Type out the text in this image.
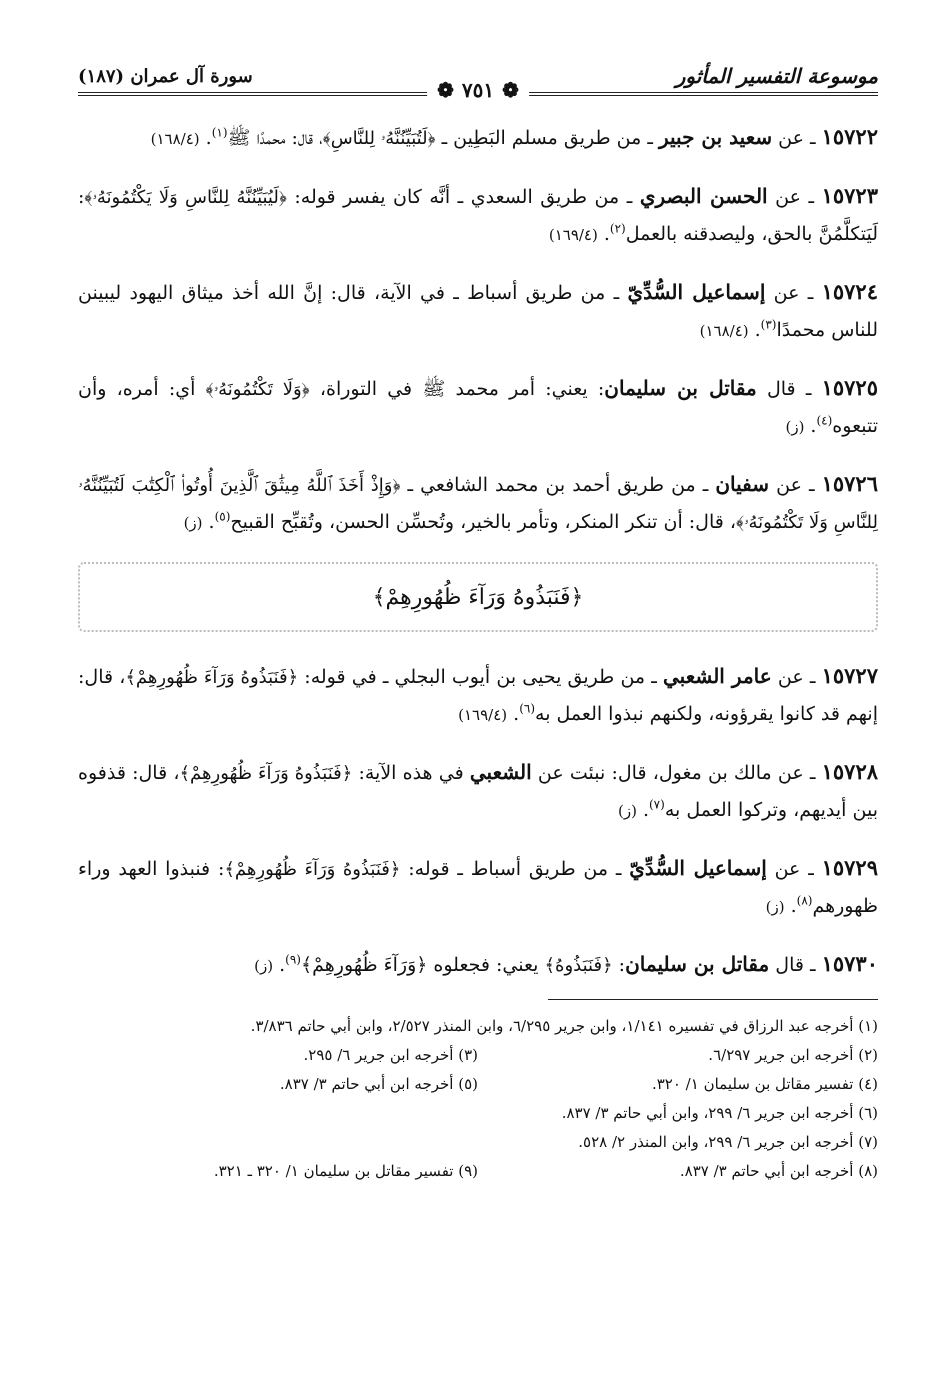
موسوعة التفسير المأثور
سورة آل عمران (١٨٧)
❁
٧٥١
❁

١٥٧٢٢ ـ عن سعيد بن جبير ـ من طريق مسلم البَطِين ـ ﴿لَتُبَيِّنُنَّهُۥ لِلنَّاسِ﴾، قال: محمدًا ﷺ$^{(١)}$.(١٦٨/٤)

١٥٧٢٣ ـ عن الحسن البصري ـ من طريق السعدي ـ أنَّه كان يفسر قوله: ﴿لَيُبَيِّنُنَّهُ لِلنَّاسِ وَلَا يَكْتُمُونَهُۥ﴾: لَيَتكلَّمُنَّ بالحق، وليصدقنه بالعمل$^{(٢)}$.(١٦٩/٤)

١٥٧٢٤ ـ عن إسماعيل السُّدِّيّ ـ من طريق أسباط ـ في الآية، قال: إنَّ الله أخذ ميثاق اليهود ليبينن للناس محمدًا$^{(٣)}$.(١٦٨/٤)

١٥٧٢٥ ـ قال مقاتل بن سليمان: يعني: أمر محمد ﷺ في التوراة، ﴿وَلَا تَكْتُمُونَهُۥ﴾ أي: أمره، وأن تتبعوه$^{(٤)}$.(ز)

١٥٧٢٦ ـ عن سفيان ـ من طريق أحمد بن محمد الشافعي ـ ﴿وَإِذْ أَخَذَ ٱللَّهُ مِيثَٰقَ ٱلَّذِينَ أُوتُوا۟ ٱلْكِتَٰبَ لَتُبَيِّنُنَّهُۥ لِلنَّاسِ وَلَا تَكْتُمُونَهُۥ﴾، قال: أن تنكر المنكر، وتأمر بالخير، وتُحسِّن الحسن، وتُقبِّح القبيح$^{(٥)}$.(ز)

﴿فَنَبَذُوهُ وَرَآءَ ظُهُورِهِمْ﴾

١٥٧٢٧ ـ عن عامر الشعبي ـ من طريق يحيى بن أيوب البجلي ـ في قوله: ﴿فَنَبَذُوهُ وَرَآءَ ظُهُورِهِمْ﴾، قال: إنهم قد كانوا يقرؤونه، ولكنهم نبذوا العمل به$^{(٦)}$.(١٦٩/٤)

١٥٧٢٨ ـ عن مالك بن مغول، قال: نبئت عن الشعبي في هذه الآية: ﴿فَنَبَذُوهُ وَرَآءَ ظُهُورِهِمْ﴾، قال: قذفوه بين أيديهم، وتركوا العمل به$^{(٧)}$.(ز)

١٥٧٢٩ ـ عن إسماعيل السُّدِّيّ ـ من طريق أسباط ـ قوله: ﴿فَنَبَذُوهُ وَرَآءَ ظُهُورِهِمْ﴾: فنبذوا العهد وراء ظهورهم$^{(٨)}$.(ز)

١٥٧٣٠ ـ قال مقاتل بن سليمان: ﴿فَنَبَذُوهُ﴾ يعني: فجعلوه ﴿وَرَآءَ ظُهُورِهِمْ﴾$^{(٩)}$.(ز)

(١) أخرجه عبد الرزاق في تفسيره ١/١٤١، وابن جرير ٦/٢٩٥، وابن المنذر ٢/٥٢٧، وابن أبي حاتم ٣/٨٣٦.
(٢) أخرجه ابن جرير ٦/٢٩٧.
(٣) أخرجه ابن جرير ٦/ ٢٩٥.
(٤) تفسير مقاتل بن سليمان ١/ ٣٢٠.
(٥) أخرجه ابن أبي حاتم ٣/ ٨٣٧.
(٦) أخرجه ابن جرير ٦/ ٢٩٩، وابن أبي حاتم ٣/ ٨٣٧.
(٧) أخرجه ابن جرير ٦/ ٢٩٩، وابن المنذر ٢/ ٥٢٨.
(٨) أخرجه ابن أبي حاتم ٣/ ٨٣٧.
(٩) تفسير مقاتل بن سليمان ١/ ٣٢٠ ـ ٣٢١.
